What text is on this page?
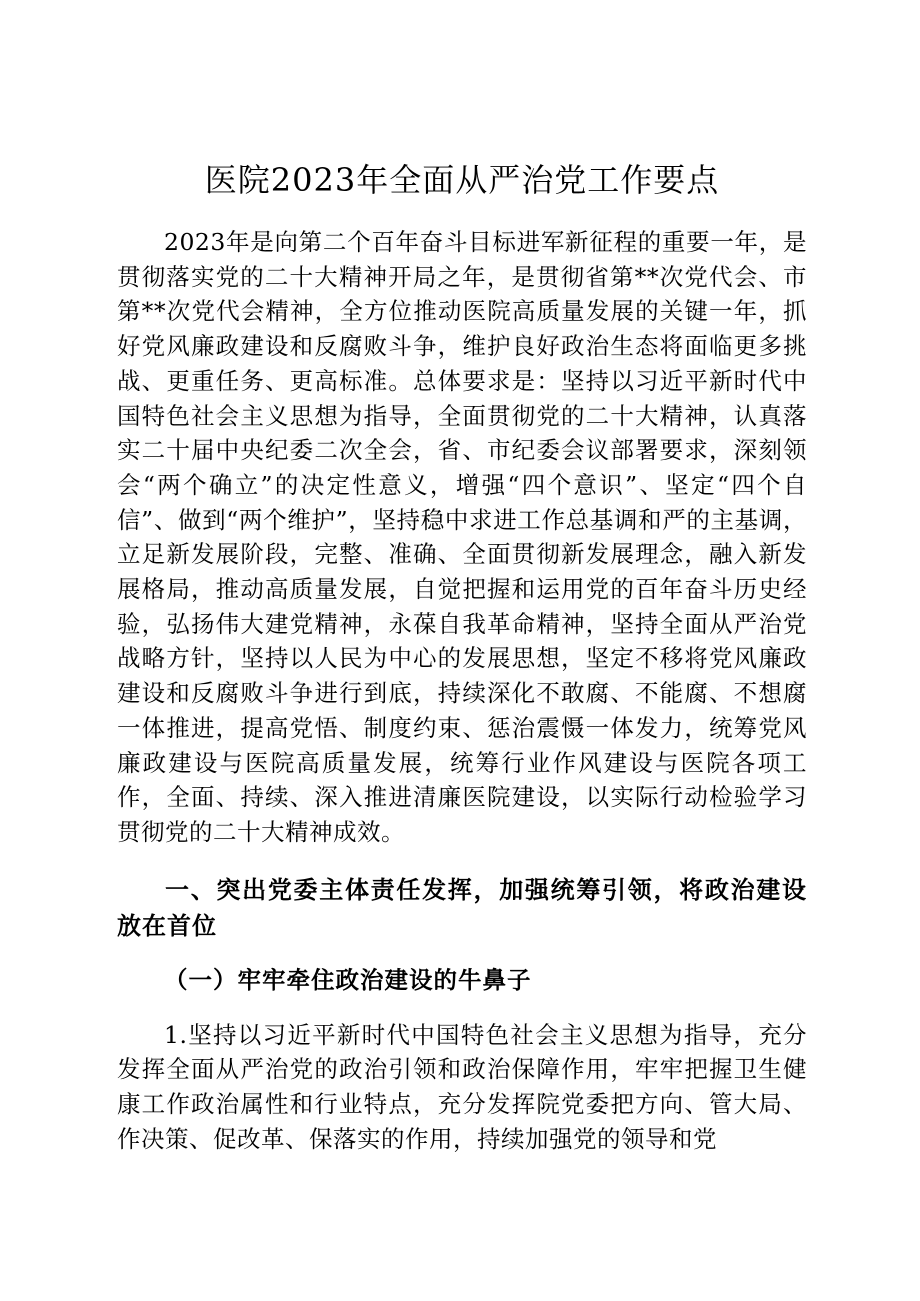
医院2023年全面从严治党工作要点

2023年是向第二个百年奋斗目标进军新征程的重要一年，是贯彻落实党的二十大精神开局之年，是贯彻省第**次党代会、市第**次党代会精神，全方位推动医院高质量发展的关键一年，抓好党风廉政建设和反腐败斗争，维护良好政治生态将面临更多挑战、更重任务、更高标准。总体要求是：坚持以习近平新时代中国特色社会主义思想为指导，全面贯彻党的二十大精神，认真落实二十届中央纪委二次全会，省、市纪委会议部署要求，深刻领会“两个确立”的决定性意义，增强“四个意识”、坚定“四个自信”、做到“两个维护”，坚持稳中求进工作总基调和严的主基调，立足新发展阶段，完整、准确、全面贯彻新发展理念，融入新发展格局，推动高质量发展，自觉把握和运用党的百年奋斗历史经验，弘扬伟大建党精神，永葆自我革命精神，坚持全面从严治党战略方针，坚持以人民为中心的发展思想，坚定不移将党风廉政建设和反腐败斗争进行到底，持续深化不敢腐、不能腐、不想腐一体推进，提高党悟、制度约束、惩治震慑一体发力，统筹党风廉政建设与医院高质量发展，统筹行业作风建设与医院各项工作，全面、持续、深入推进清廉医院建设，以实际行动检验学习贯彻党的二十大精神成效。

一、突出党委主体责任发挥，加强统筹引领，将政治建设放在首位

（一）牢牢牵住政治建设的牛鼻子

1.坚持以习近平新时代中国特色社会主义思想为指导，充分发挥全面从严治党的政治引领和政治保障作用，牢牢把握卫生健康工作政治属性和行业特点，充分发挥院党委把方向、管大局、作决策、促改革、保落实的作用，持续加强党的领导和党
